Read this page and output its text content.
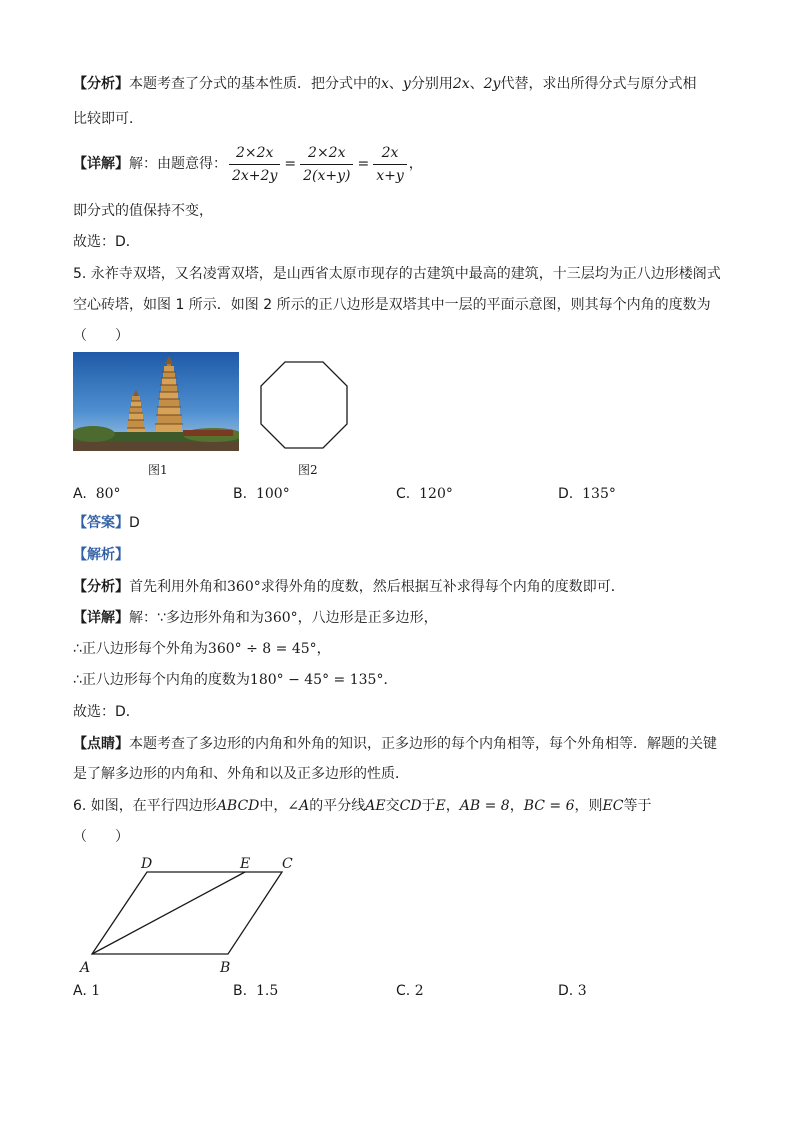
【分析】本题考查了分式的基本性质．把分式中的x、y分别用2x、2y代替，求出所得分式与原分式相
比较即可．
【详解】解：由题意得： $\frac{2\times 2x}{2x+2y} = \frac{2\times 2x}{2(x+y)} = \frac{2x}{x+y}$ ，
即分式的值保持不变，
故选：D．
5. 永祚寺双塔，又名凌霄双塔，是山西省太原市现存的古建筑中最高的建筑，十三层均为正八边形楼阁式
空心砖塔，如图 1 所示．如图 2 所示的正八边形是双塔其中一层的平面示意图，则其每个内角的度数为
（　　）
图1	图2
A. 80°	B. 100°	C. 120°	D. 135°
【答案】D
【解析】
【分析】首先利用外角和360°求得外角的度数，然后根据互补求得每个内角的度数即可．
【详解】解：∵多边形外角和为360°，八边形是正多边形，
∴正八边形每个外角为360° ÷ 8 = 45°，
∴正八边形每个内角的度数为180° − 45° = 135°．
故选：D．
【点睛】本题考查了多边形的内角和外角的知识，正多边形的每个内角相等，每个外角相等．解题的关键
是了解多边形的内角和、外角和以及正多边形的性质．
6. 如图，在平行四边形ABCD中，∠A的平分线AE交CD于E，AB = 8，BC = 6，则EC等于
（　　）
A	B
C
D	E
A. 1	B. 1.5	C. 2	D. 3
